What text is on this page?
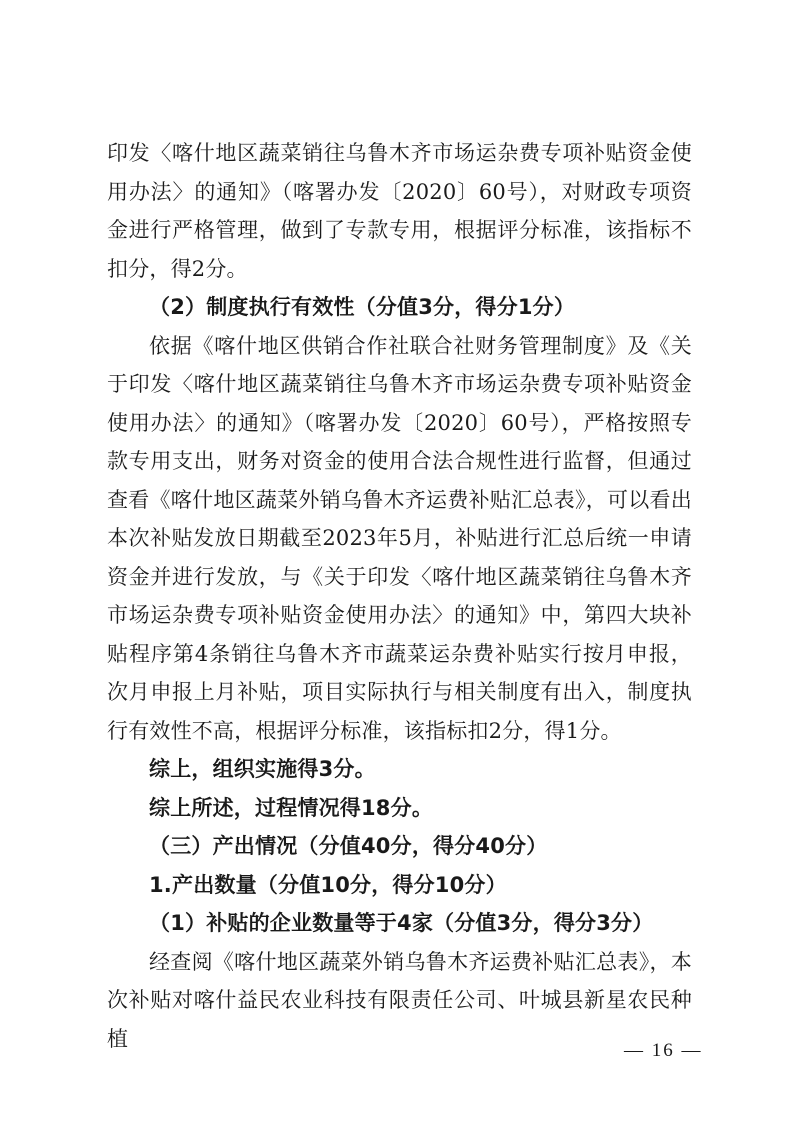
印发〈喀什地区蔬菜销往乌鲁木齐市场运杂费专项补贴资金使用办法〉的通知》（喀署办发〔2020〕60号），对财政专项资金进行严格管理，做到了专款专用，根据评分标准，该指标不扣分，得2分。

（2）制度执行有效性（分值3分，得分1分）

依据《喀什地区供销合作社联合社财务管理制度》及《关于印发〈喀什地区蔬菜销往乌鲁木齐市场运杂费专项补贴资金使用办法〉的通知》（喀署办发〔2020〕60号），严格按照专款专用支出，财务对资金的使用合法合规性进行监督，但通过查看《喀什地区蔬菜外销乌鲁木齐运费补贴汇总表》，可以看出本次补贴发放日期截至2023年5月，补贴进行汇总后统一申请资金并进行发放，与《关于印发〈喀什地区蔬菜销往乌鲁木齐市场运杂费专项补贴资金使用办法〉的通知》中，第四大块补贴程序第4条销往乌鲁木齐市蔬菜运杂费补贴实行按月申报，次月申报上月补贴，项目实际执行与相关制度有出入，制度执行有效性不高，根据评分标准，该指标扣2分，得1分。

综上，组织实施得3分。

综上所述，过程情况得18分。

（三）产出情况（分值40分，得分40分）

1.产出数量（分值10分，得分10分）

（1）补贴的企业数量等于4家（分值3分，得分3分）

经查阅《喀什地区蔬菜外销乌鲁木齐运费补贴汇总表》，本次补贴对喀什益民农业科技有限责任公司、叶城县新星农民种植	— 16 —
